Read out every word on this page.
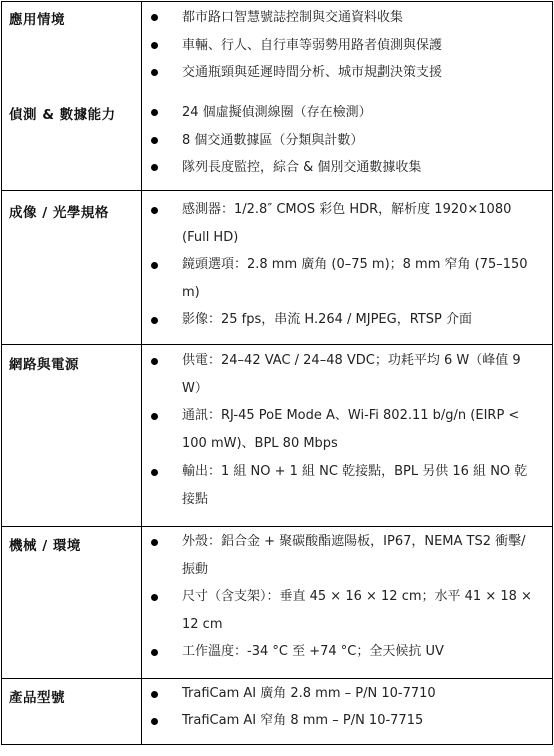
應用情境	都市路口智慧號誌控制與交通資料收集
車輛、行人、自行車等弱勢用路者偵測與保護
交通瓶頸與延遲時間分析、城市規劃決策支援
偵測 & 數據能力	24 個虛擬偵測線圈（存在檢測）
8 個交通數據區（分類與計數）
隊列長度監控，綜合 & 個別交通數據收集
成像 / 光學規格	感測器：1/2.8″ CMOS 彩色 HDR，解析度 1920×1080 (Full HD)
鏡頭選項：2.8 mm 廣角 (0–75 m)；8 mm 窄角 (75–150 m)
影像：25 fps，串流 H.264 / MJPEG，RTSP 介面
網路與電源	供電：24–42 VAC / 24–48 VDC；功耗平均 6 W（峰值 9 W）
通訊：RJ-45 PoE Mode A、Wi-Fi 802.11 b/g/n (EIRP < 100 mW)、BPL 80 Mbps
輸出：1 組 NO + 1 組 NC 乾接點，BPL 另供 16 組 NO 乾接點
機械 / 環境	外殼：鋁合金 + 聚碳酸酯遮陽板，IP67，NEMA TS2 衝擊/振動
尺寸（含支架）：垂直 45 × 16 × 12 cm；水平 41 × 18 × 12 cm
工作溫度：-34 °C 至 +74 °C；全天候抗 UV
產品型號	TrafiCam AI 廣角 2.8 mm – P/N 10-7710
TrafiCam AI 窄角 8 mm – P/N 10-7715
